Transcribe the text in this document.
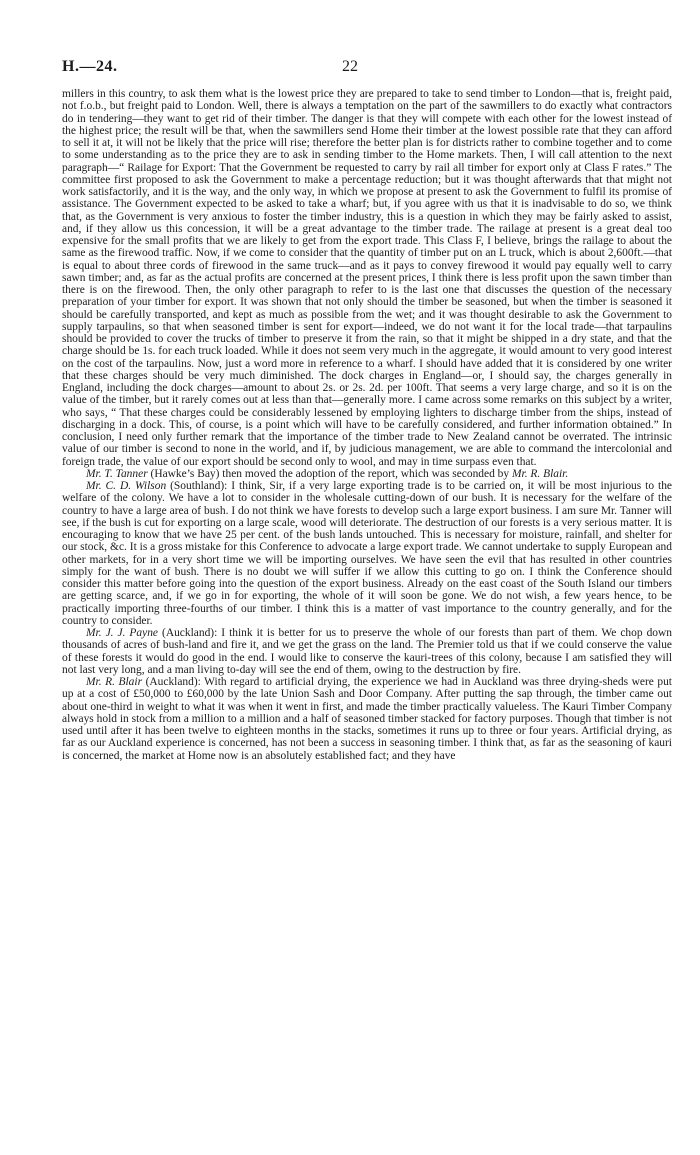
H.—24.	22

millers in this country, to ask them what is the lowest price they are prepared to take to send timber to London—that is, freight paid, not f.o.b., but freight paid to London. Well, there is always a temptation on the part of the sawmillers to do exactly what contractors do in tendering—they want to get rid of their timber. The danger is that they will compete with each other for the lowest instead of the highest price; the result will be that, when the sawmillers send Home their timber at the lowest possible rate that they can afford to sell it at, it will not be likely that the price will rise; therefore the better plan is for districts rather to combine together and to come to some understanding as to the price they are to ask in sending timber to the Home markets. Then, I will call attention to the next paragraph—“ Railage for Export: That the Government be requested to carry by rail all timber for export only at Class F rates.” The committee first proposed to ask the Government to make a percentage reduction; but it was thought afterwards that that might not work satisfactorily, and it is the way, and the only way, in which we propose at present to ask the Government to fulfil its promise of assistance. The Government expected to be asked to take a wharf; but, if you agree with us that it is inadvisable to do so, we think that, as the Government is very anxious to foster the timber industry, this is a question in which they may be fairly asked to assist, and, if they allow us this concession, it will be a great advantage to the timber trade. The railage at present is a great deal too expensive for the small profits that we are likely to get from the export trade. This Class F, I believe, brings the railage to about the same as the firewood traffic. Now, if we come to consider that the quantity of timber put on an L truck, which is about 2,600ft.—that is equal to about three cords of firewood in the same truck—and as it pays to convey firewood it would pay equally well to carry sawn timber; and, as far as the actual profits are concerned at the present prices, I think there is less profit upon the sawn timber than there is on the firewood. Then, the only other paragraph to refer to is the last one that discusses the question of the necessary preparation of your timber for export. It was shown that not only should the timber be seasoned, but when the timber is seasoned it should be carefully transported, and kept as much as possible from the wet; and it was thought desirable to ask the Government to supply tarpaulins, so that when seasoned timber is sent for export—indeed, we do not want it for the local trade—that tarpaulins should be provided to cover the trucks of timber to preserve it from the rain, so that it might be shipped in a dry state, and that the charge should be 1s. for each truck loaded. While it does not seem very much in the aggregate, it would amount to very good interest on the cost of the tarpaulins. Now, just a word more in reference to a wharf. I should have added that it is considered by one writer that these charges should be very much diminished. The dock charges in England—or, I should say, the charges generally in England, including the dock charges—amount to about 2s. or 2s. 2d. per 100ft. That seems a very large charge, and so it is on the value of the timber, but it rarely comes out at less than that—generally more. I came across some remarks on this subject by a writer, who says, “ That these charges could be considerably lessened by employing lighters to discharge timber from the ships, instead of discharging in a dock. This, of course, is a point which will have to be carefully considered, and further information obtained.” In conclusion, I need only further remark that the importance of the timber trade to New Zealand cannot be overrated. The intrinsic value of our timber is second to none in the world, and if, by judicious management, we are able to command the intercolonial and foreign trade, the value of our export should be second only to wool, and may in time surpass even that.

Mr. T. Tanner (Hawke’s Bay) then moved the adoption of the report, which was seconded by Mr. R. Blair.

Mr. C. D. Wilson (Southland): I think, Sir, if a very large exporting trade is to be carried on, it will be most injurious to the welfare of the colony. We have a lot to consider in the wholesale cutting-down of our bush. It is necessary for the welfare of the country to have a large area of bush. I do not think we have forests to develop such a large export business. I am sure Mr. Tanner will see, if the bush is cut for exporting on a large scale, wood will deteriorate. The destruction of our forests is a very serious matter. It is encouraging to know that we have 25 per cent. of the bush lands untouched. This is necessary for moisture, rainfall, and shelter for our stock, &c. It is a gross mistake for this Conference to advocate a large export trade. We cannot undertake to supply European and other markets, for in a very short time we will be importing ourselves. We have seen the evil that has resulted in other countries simply for the want of bush. There is no doubt we will suffer if we allow this cutting to go on. I think the Conference should consider this matter before going into the question of the export business. Already on the east coast of the South Island our timbers are getting scarce, and, if we go in for exporting, the whole of it will soon be gone. We do not wish, a few years hence, to be practically importing three-fourths of our timber. I think this is a matter of vast importance to the country generally, and for the country to consider.

Mr. J. J. Payne (Auckland): I think it is better for us to preserve the whole of our forests than part of them. We chop down thousands of acres of bush-land and fire it, and we get the grass on the land. The Premier told us that if we could conserve the value of these forests it would do good in the end. I would like to conserve the kauri-trees of this colony, because I am satisfied they will not last very long, and a man living to-day will see the end of them, owing to the destruction by fire.

Mr. R. Blair (Auckland): With regard to artificial drying, the experience we had in Auckland was three drying-sheds were put up at a cost of £50,000 to £60,000 by the late Union Sash and Door Company. After putting the sap through, the timber came out about one-third in weight to what it was when it went in first, and made the timber practically valueless. The Kauri Timber Company always hold in stock from a million to a million and a half of seasoned timber stacked for factory purposes. Though that timber is not used until after it has been twelve to eighteen months in the stacks, sometimes it runs up to three or four years. Artificial drying, as far as our Auckland experience is concerned, has not been a success in seasoning timber. I think that, as far as the seasoning of kauri is concerned, the market at Home now is an absolutely established fact; and they have
